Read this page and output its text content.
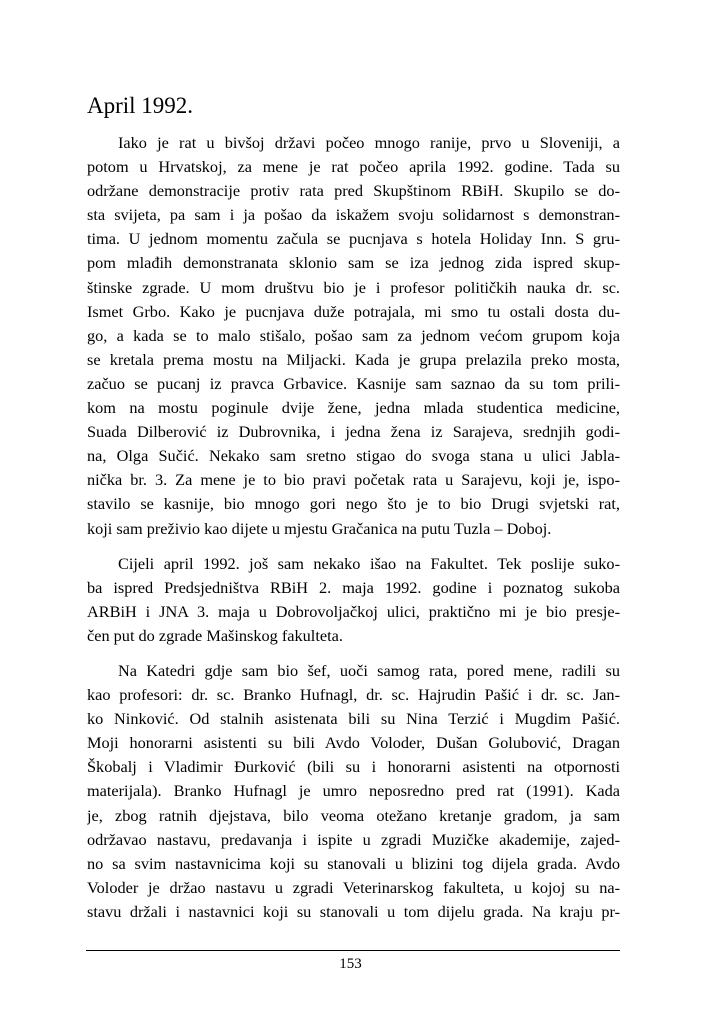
April 1992.
Iako je rat u bivšoj državi počeo mnogo ranije, prvo u Sloveniji, a
potom u Hrvatskoj, za mene je rat počeo aprila 1992. godine. Tada su
održane demonstracije protiv rata pred Skupštinom RBiH. Skupilo se do-
sta svijeta, pa sam i ja pošao da iskažem svoju solidarnost s demonstran-
tima. U jednom momentu začula se pucnjava s hotela Holiday Inn. S gru-
pom mlađih demonstranata sklonio sam se iza jednog zida ispred skup-
štinske zgrade. U mom društvu bio je i profesor političkih nauka dr. sc.
Ismet Grbo. Kako je pucnjava duže potrajala, mi smo tu ostali dosta du-
go, a kada se to malo stišalo, pošao sam za jednom većom grupom koja
se kretala prema mostu na Miljacki. Kada je grupa prelazila preko mosta,
začuo se pucanj iz pravca Grbavice. Kasnije sam saznao da su tom prili-
kom na mostu poginule dvije žene, jedna mlada studentica medicine,
Suada Dilberović iz Dubrovnika, i jedna žena iz Sarajeva, srednjih godi-
na, Olga Sučić. Nekako sam sretno stigao do svoga stana u ulici Jabla-
nička br. 3. Za mene je to bio pravi početak rata u Sarajevu, koji je, ispo-
stavilo se kasnije, bio mnogo gori nego što je to bio Drugi svjetski rat,
koji sam preživio kao dijete u mjestu Gračanica na putu Tuzla – Doboj.
Cijeli april 1992. još sam nekako išao na Fakultet. Tek poslije suko-
ba ispred Predsjedništva RBiH 2. maja 1992. godine i poznatog sukoba
ARBiH i JNA 3. maja u Dobrovoljačkoj ulici, praktično mi je bio presje-
čen put do zgrade Mašinskog fakulteta.
Na Katedri gdje sam bio šef, uoči samog rata, pored mene, radili su
kao profesori: dr. sc. Branko Hufnagl, dr. sc. Hajrudin Pašić i dr. sc. Jan-
ko Ninković. Od stalnih asistenata bili su Nina Terzić i Mugdim Pašić.
Moji honorarni asistenti su bili Avdo Voloder, Dušan Golubović, Dragan
Škobalj i Vladimir Đurković (bili su i honorarni asistenti na otpornosti
materijala). Branko Hufnagl je umro neposredno pred rat (1991). Kada
je, zbog ratnih djejstava, bilo veoma otežano kretanje gradom, ja sam
održavao nastavu, predavanja i ispite u zgradi Muzičke akademije, zajed-
no sa svim nastavnicima koji su stanovali u blizini tog dijela grada. Avdo
Voloder je držao nastavu u zgradi Veterinarskog fakulteta, u kojoj su na-
stavu držali i nastavnici koji su stanovali u tom dijelu grada. Na kraju pr-
153
